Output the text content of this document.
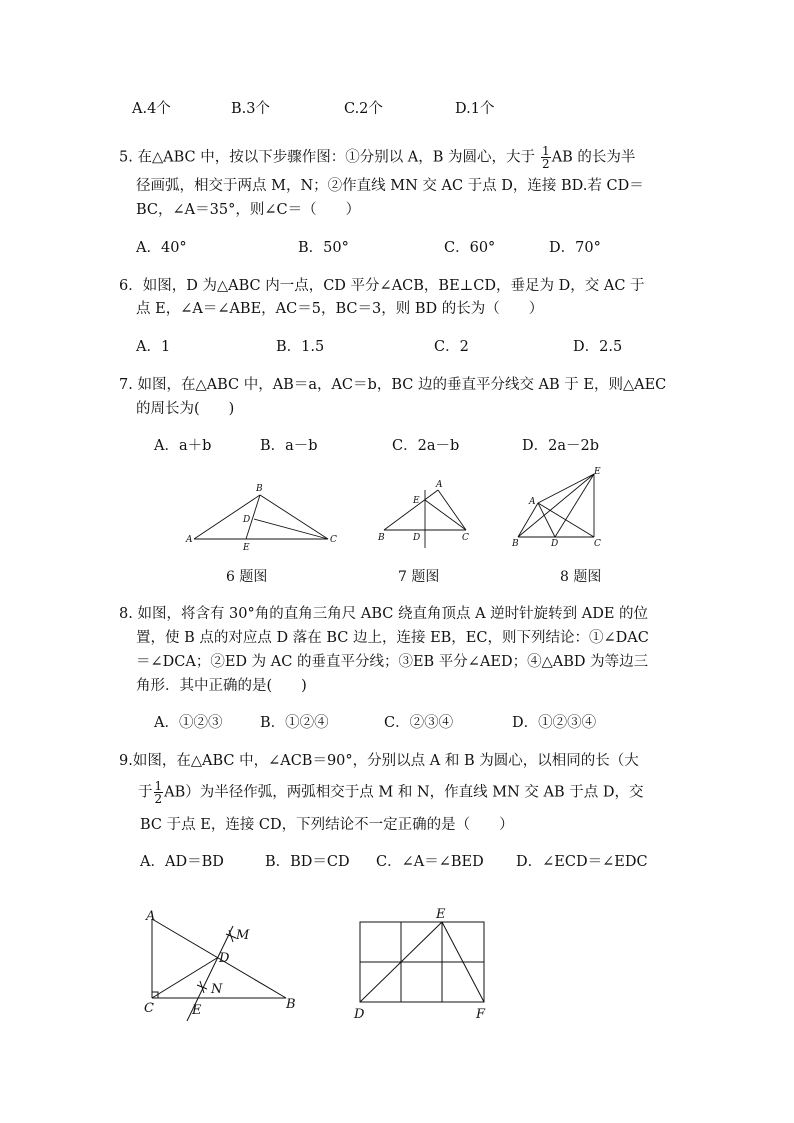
A.4个	B.3个	C.2个	D.1个
5. 在△ABC 中，按以下步骤作图：①分别以 A，B 为圆心，大于 $\frac{1}{2}$ AB 的长为半
径画弧，相交于两点 M，N；②作直线 MN 交 AC 于点 D，连接 BD.若 CD＝
BC，∠A＝35°，则∠C＝（　　）
A．40°	B．50°	C．60°	D．70°
6．如图，D 为△ABC 内一点，CD 平分∠ACB，BE⊥CD，垂足为 D，交 AC 于
点 E，∠A＝∠ABE，AC＝5，BC＝3，则 BD 的长为（　　）
A．1	B．1.5	C．2	D．2.5
7. 如图，在△ABC 中，AB＝a，AC＝b，BC 边的垂直平分线交 AB 于 E，则△AEC
的周长为(　　)
A．a＋b	B．a－b	C．2a－b	D．2a－2b
A
B
C
D
E
A
B	C
D
E
E
A
B	D	C
6 题图	7 题图	8 题图
8. 如图，将含有 30°角的直角三角尺 ABC 绕直角顶点 A 逆时针旋转到 ADE 的位
置，使 B 点的对应点 D 落在 BC 边上，连接 EB，EC，则下列结论：①∠DAC
＝∠DCA；②ED 为 AC 的垂直平分线；③EB 平分∠AED；④△ABD 为等边三
角形．其中正确的是(　　)
A．①②③	B．①②④	C．②③④	D．①②③④
9.如图，在△ABC 中，∠ACB＝90°，分别以点 A 和 B 为圆心，以相同的长（大
于 $\frac{1}{2} AB$）为半径作弧，两弧相交于点 M 和 N，作直线 MN 交 AB 于点 D，交
BC 于点 E，连接 CD，下列结论不一定正确的是（　　）
A．AD＝BD	B．BD＝CD C．∠A＝∠BED D．∠ECD＝∠EDC
A
M
D
N
C	E	B
E
D	F
